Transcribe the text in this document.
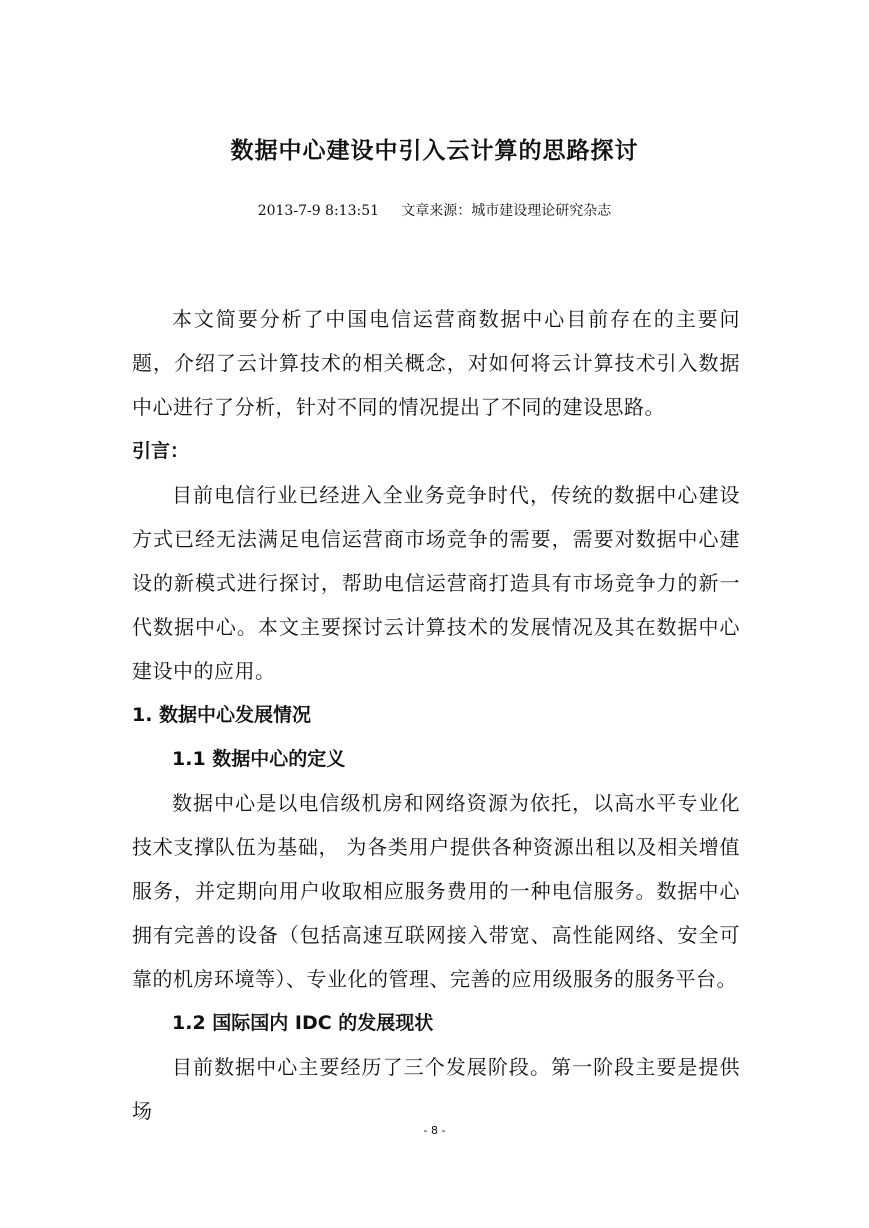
数据中心建设中引入云计算的思路探讨
2013-7-9 8:13:51     文章来源：城市建设理论研究杂志

本文简要分析了中国电信运营商数据中心目前存在的主要问题，介绍了云计算技术的相关概念，对如何将云计算技术引入数据中心进行了分析，针对不同的情况提出了不同的建设思路。

引言：

目前电信行业已经进入全业务竞争时代，传统的数据中心建设方式已经无法满足电信运营商市场竞争的需要，需要对数据中心建设的新模式进行探讨，帮助电信运营商打造具有市场竞争力的新一代数据中心。本文主要探讨云计算技术的发展情况及其在数据中心建设中的应用。

1. 数据中心发展情况

1.1 数据中心的定义

数据中心是以电信级机房和网络资源为依托，以高水平专业化技术支撑队伍为基础， 为各类用户提供各种资源出租以及相关增值服务，并定期向用户收取相应服务费用的一种电信服务。数据中心拥有完善的设备（包括高速互联网接入带宽、高性能网络、安全可靠的机房环境等）、专业化的管理、完善的应用级服务的服务平台。

1.2 国际国内 IDC 的发展现状

目前数据中心主要经历了三个发展阶段。第一阶段主要是提供场

- 8 -
